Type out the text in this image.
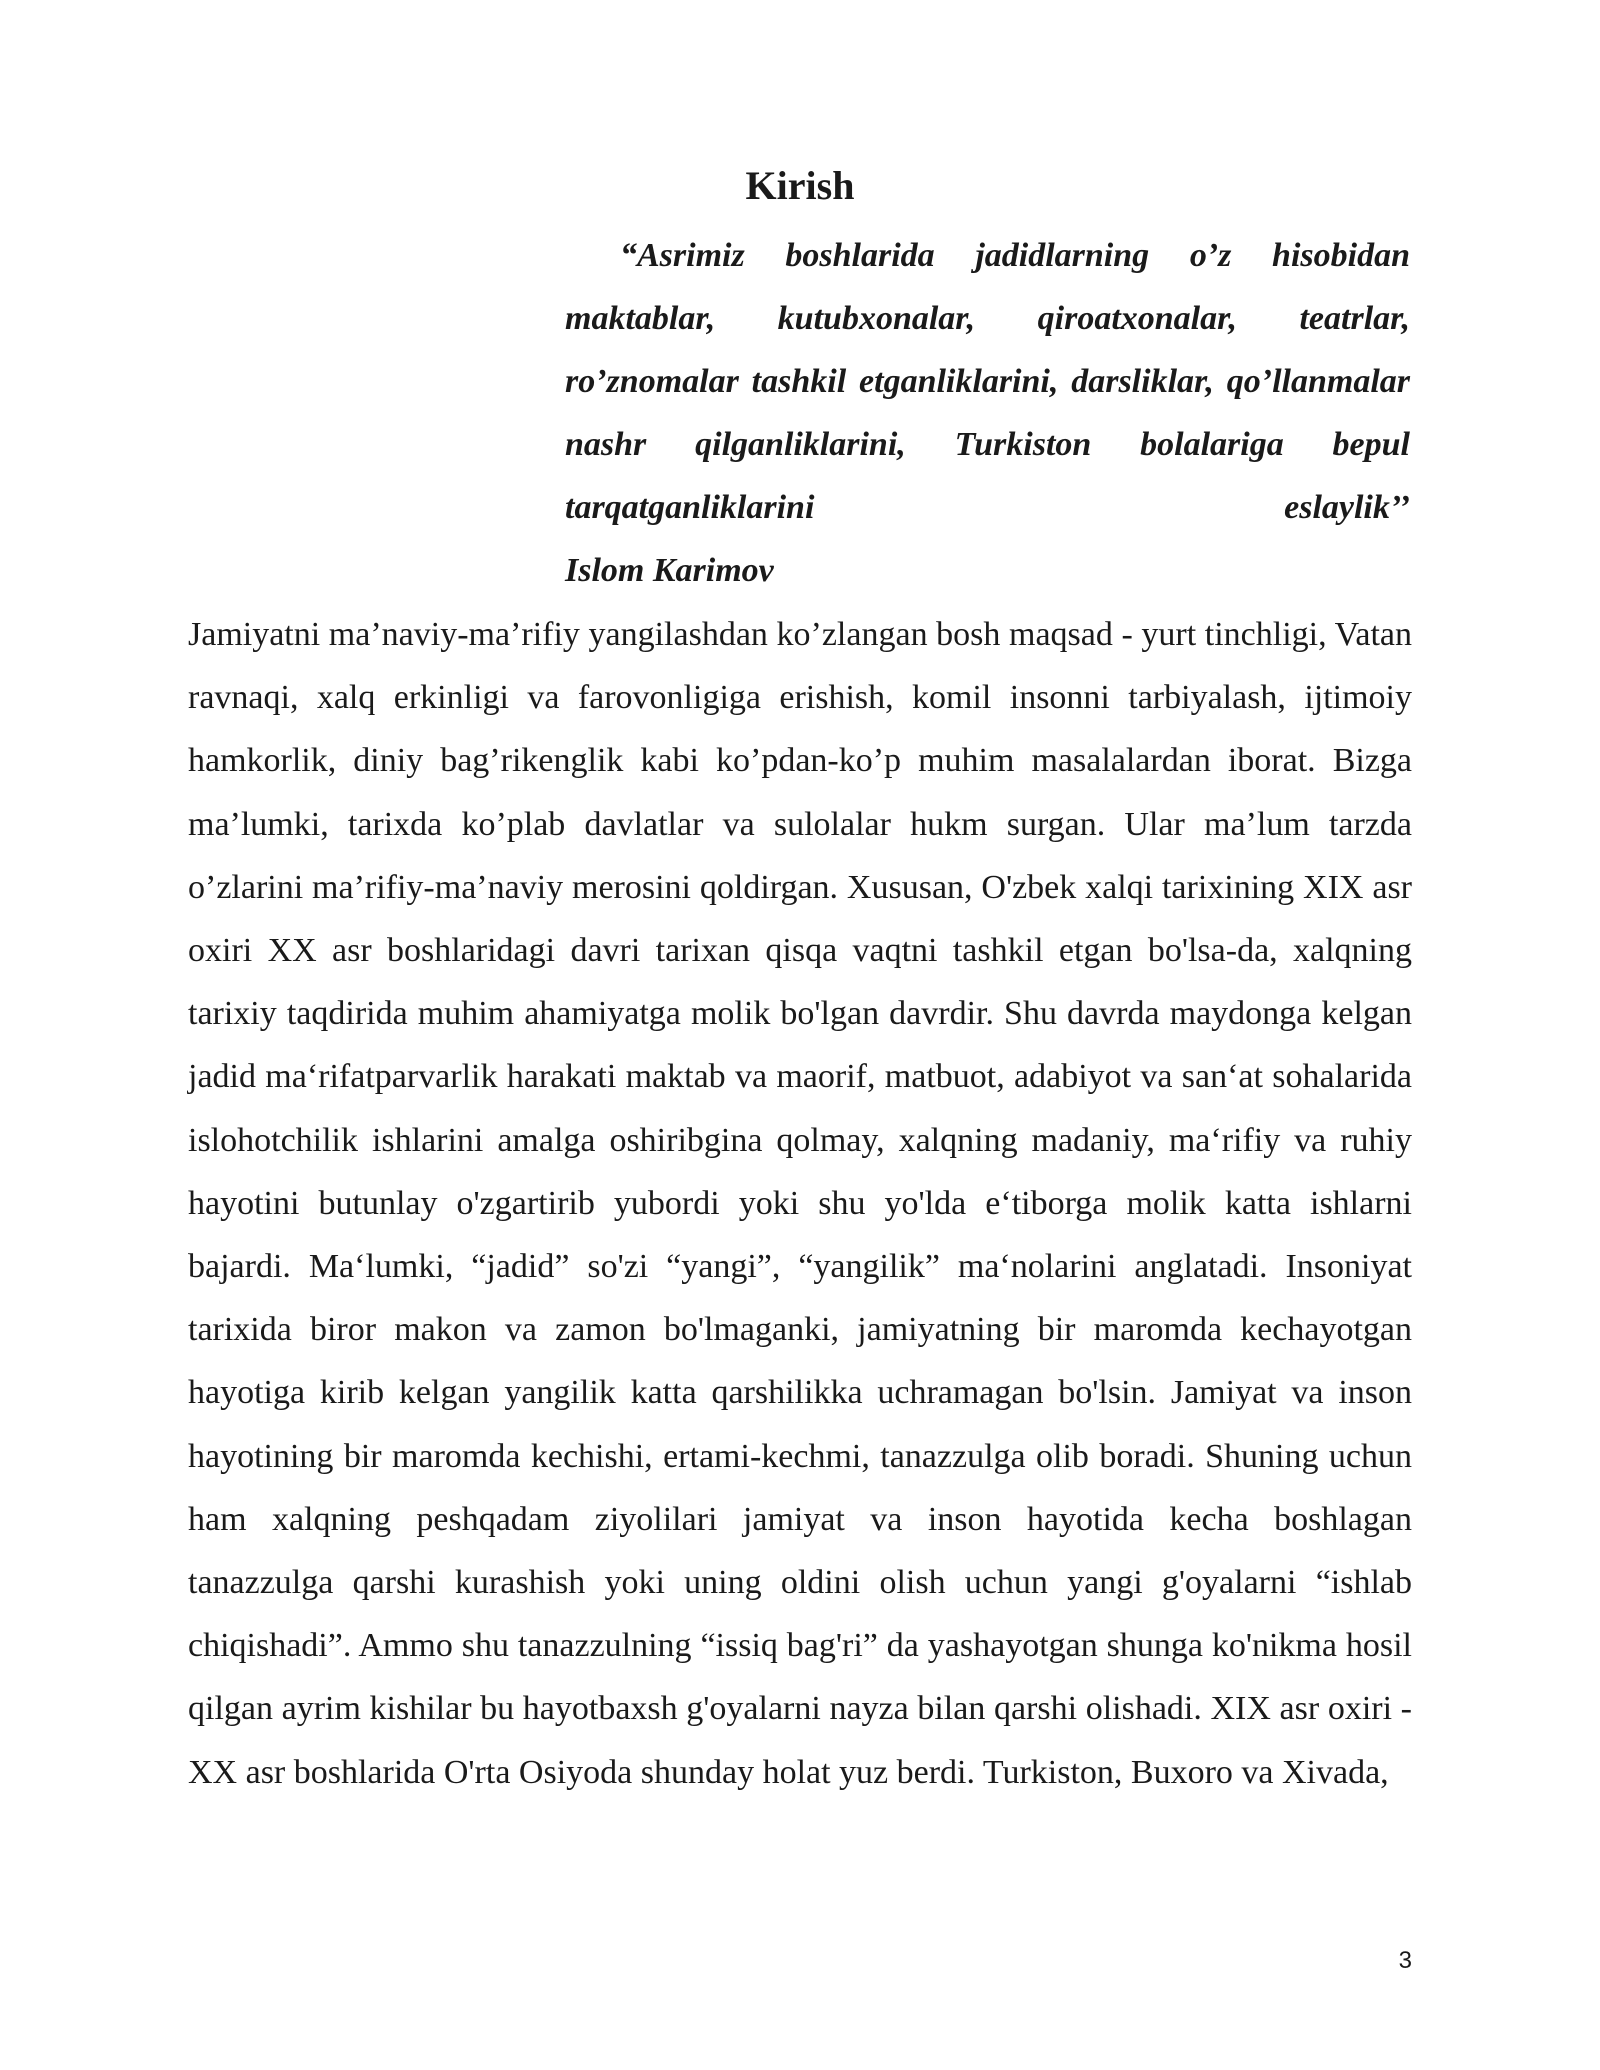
Kirish

“Asrimiz boshlarida jadidlarning o’z hisobidan maktablar, kutubxonalar, qiroatxonalar, teatrlar, ro’znomalar tashkil etganliklarini, darsliklar, qo’llanmalar nashr qilganliklarini, Turkiston bolalariga bepul tarqatganliklarini eslaylik’’

Islom Karimov

Jamiyatni ma’naviy-ma’rifiy yangilashdan ko’zlangan bosh maqsad - yurt tinchligi, Vatan ravnaqi, xalq erkinligi va farovonligiga erishish, komil insonni tarbiyalash, ijtimoiy hamkorlik, diniy bag’rikenglik kabi ko’pdan-ko’p muhim masalalardan iborat. Bizga ma’lumki, tarixda ko’plab davlatlar va sulolalar hukm surgan. Ular ma’lum tarzda o’zlarini ma’rifiy-ma’naviy merosini qoldirgan. Xususan, O'zbek xalqi tarixining XIX asr oxiri XX asr boshlaridagi davri tarixan qisqa vaqtni tashkil etgan bo'lsa-da, xalqning tarixiy taqdirida muhim ahamiyatga molik bo'lgan davrdir. Shu davrda maydonga kelgan jadid ma‘rifatparvarlik harakati maktab va maorif, matbuot, adabiyot va san‘at sohalarida islohotchilik ishlarini amalga oshiribgina qolmay, xalqning madaniy, ma‘rifiy va ruhiy hayotini butunlay o'zgartirib yubordi yoki shu yo'lda e‘tiborga molik katta ishlarni bajardi. Ma‘lumki, “jadid” so'zi “yangi”, “yangilik” ma‘nolarini anglatadi. Insoniyat tarixida biror makon va zamon bo'lmaganki, jamiyatning bir maromda kechayotgan hayotiga kirib kelgan yangilik katta qarshilikka uchramagan bo'lsin. Jamiyat va inson hayotining bir maromda kechishi, ertami-kechmi, tanazzulga olib boradi. Shuning uchun ham xalqning peshqadam ziyolilari jamiyat va inson hayotida kecha boshlagan tanazzulga qarshi kurashish yoki uning oldini olish uchun yangi g'oyalarni “ishlab chiqishadi”. Ammo shu tanazzulning “issiq bag'ri” da yashayotgan shunga ko'nikma hosil qilgan ayrim kishilar bu hayotbaxsh g'oyalarni nayza bilan qarshi olishadi. XIX asr oxiri - XX asr boshlarida O'rta Osiyoda shunday holat yuz berdi. Turkiston, Buxoro va Xivada,

3
